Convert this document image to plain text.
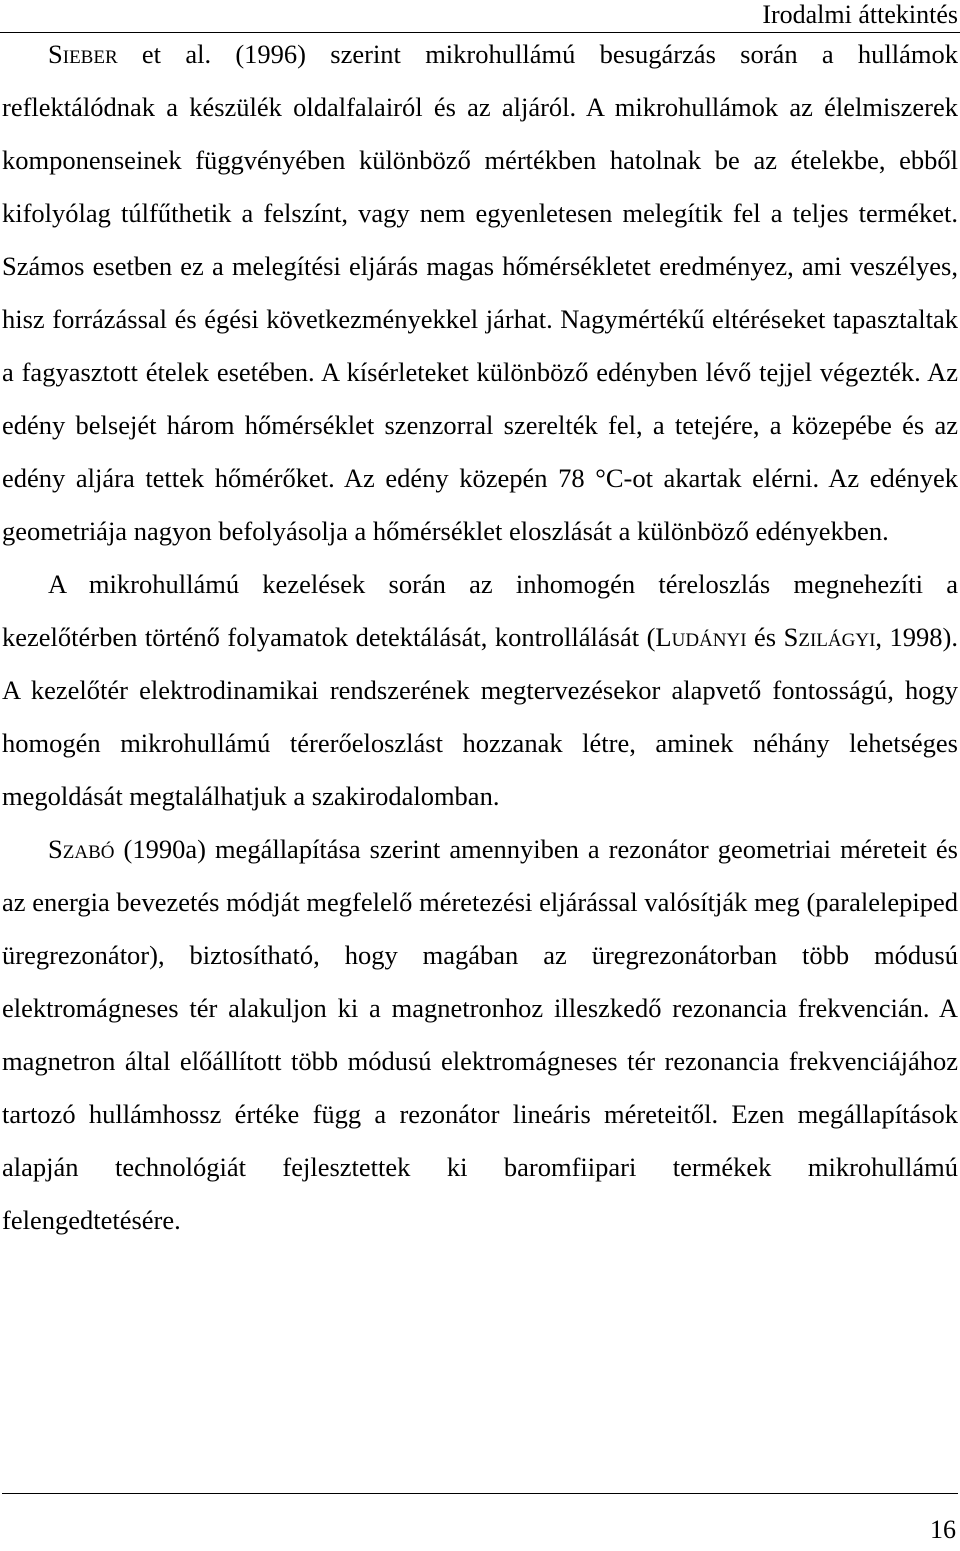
Irodalmi áttekintés

Sieber et al. (1996) szerint mikrohullámú besugárzás során a hullámok reflektálódnak a készülék oldalfalairól és az aljáról. A mikrohullámok az élelmiszerek komponenseinek függvényében különböző mértékben hatolnak be az ételekbe, ebből kifolyólag túlfűthetik a felszínt, vagy nem egyenletesen melegítik fel a teljes terméket. Számos esetben ez a melegítési eljárás magas hőmérsékletet eredményez, ami veszélyes, hisz forrázással és égési következményekkel járhat. Nagymértékű eltéréseket tapasztaltak a fagyasztott ételek esetében. A kísérleteket különböző edényben lévő tejjel végezték. Az edény belsejét három hőmérséklet szenzorral szerelték fel, a tetejére, a közepébe és az edény aljára tettek hőmérőket. Az edény közepén 78 °C-ot akartak elérni. Az edények geometriája nagyon befolyásolja a hőmérséklet eloszlását a különböző edényekben.

A mikrohullámú kezelések során az inhomogén téreloszlás megnehezíti a kezelőtérben történő folyamatok detektálását, kontrollálását (Ludányi és Szilágyi, 1998). A kezelőtér elektrodinamikai rendszerének megtervezésekor alapvető fontosságú, hogy homogén mikrohullámú térerőeloszlást hozzanak létre, aminek néhány lehetséges megoldását megtalálhatjuk a szakirodalomban.

Szabó (1990a) megállapítása szerint amennyiben a rezonátor geometriai méreteit és az energia bevezetés módját megfelelő méretezési eljárással valósítják meg (paralelepiped üregrezonátor), biztosítható, hogy magában az üregrezonátorban több módusú elektromágneses tér alakuljon ki a magnetronhoz illeszkedő rezonancia frekvencián. A magnetron által előállított több módusú elektromágneses tér rezonancia frekvenciájához tartozó hullámhossz értéke függ a rezonátor lineáris méreteitől. Ezen megállapítások alapján technológiát fejlesztettek ki baromfiipari termékek mikrohullámú felengedtetésére.

16
